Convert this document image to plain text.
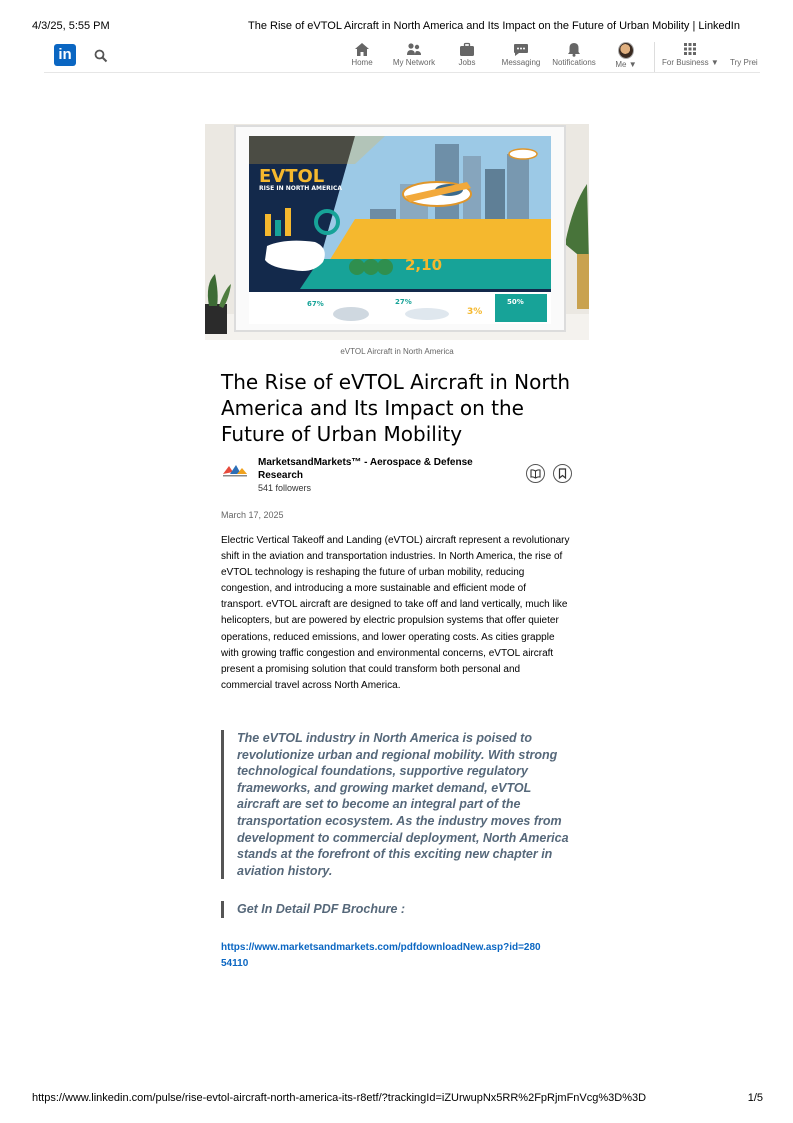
4/3/25, 5:55 PM	The Rise of eVTOL Aircraft in North America and Its Impact on the Future of Urban Mobility | LinkedIn
in	Home	My Network	Jobs	Messaging Notifications Me ▼	For Business ▼ Try Prei
EVTOL
RISE IN NORTH AMERICA
2,10
67%	27%
3%
50%
eVTOL Aircraft in North America
The Rise of eVTOL Aircraft in North America and Its Impact on the Future of Urban Mobility
MarketsandMarkets™ - Aerospace & Defense Research
541 followers
March 17, 2025

Electric Vertical Takeoff and Landing (eVTOL) aircraft represent a revolutionary shift in the aviation and transportation industries. In North America, the rise of eVTOL technology is reshaping the future of urban mobility, reducing congestion, and introducing a more sustainable and efficient mode of transport. eVTOL aircraft are designed to take off and land vertically, much like helicopters, but are powered by electric propulsion systems that offer quieter operations, reduced emissions, and lower operating costs. As cities grapple with growing traffic congestion and environmental concerns, eVTOL aircraft present a promising solution that could transform both personal and commercial travel across North America.

The eVTOL industry in North America is poised to revolutionize urban and regional mobility. With strong technological foundations, supportive regulatory frameworks, and growing market demand, eVTOL aircraft are set to become an integral part of the transportation ecosystem. As the industry moves from development to commercial deployment, North America stands at the forefront of this exciting new chapter in aviation history.

Get In Detail PDF Brochure :
https://www.marketsandmarkets.com/pdfdownloadNew.asp?id=28054110
https://www.linkedin.com/pulse/rise-evtol-aircraft-north-america-its-r8etf/?trackingId=iZUrwupNx5RR%2FpRjmFnVcg%3D%3D	1/5
